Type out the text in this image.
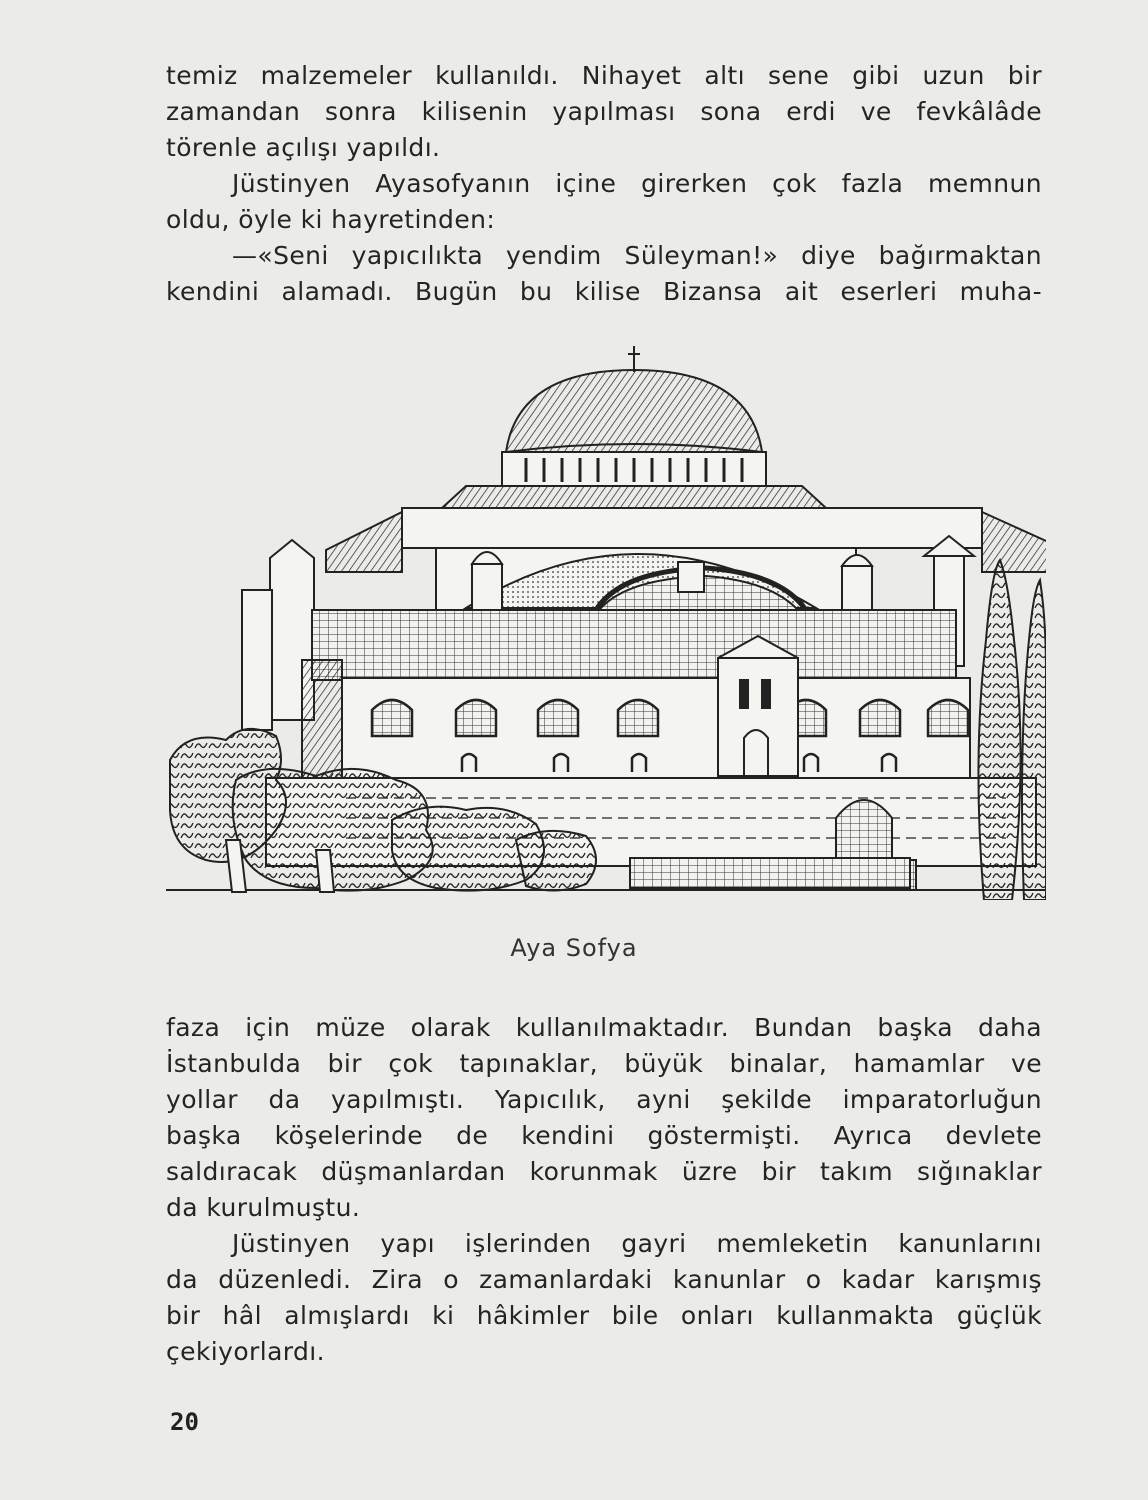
temiz malzemeler kullanıldı. Nihayet altı sene gibi uzun bir
zamandan sonra kilisenin yapılması sona erdi ve fevkâlâde
törenle açılışı yapıldı.
Jüstinyen Ayasofyanın içine girerken çok fazla memnun
oldu, öyle ki hayretinden:
—«Seni yapıcılıkta yendim Süleyman!» diye bağırmaktan
kendini alamadı. Bugün bu kilise Bizansa ait eserleri muha-
Aya Sofya
faza için müze olarak kullanılmaktadır. Bundan başka daha
İstanbulda bir çok tapınaklar, büyük binalar, hamamlar ve
yollar da yapılmıştı. Yapıcılık, ayni şekilde imparatorluğun
başka köşelerinde de kendini göstermişti. Ayrıca devlete
saldıracak düşmanlardan korunmak üzre bir takım sığınaklar
da kurulmuştu.
Jüstinyen yapı işlerinden gayri memleketin kanunlarını
da düzenledi. Zira o zamanlardaki kanunlar o kadar karışmış
bir hâl almışlardı ki hâkimler bile onları kullanmakta güçlük
çekiyorlardı.
20
